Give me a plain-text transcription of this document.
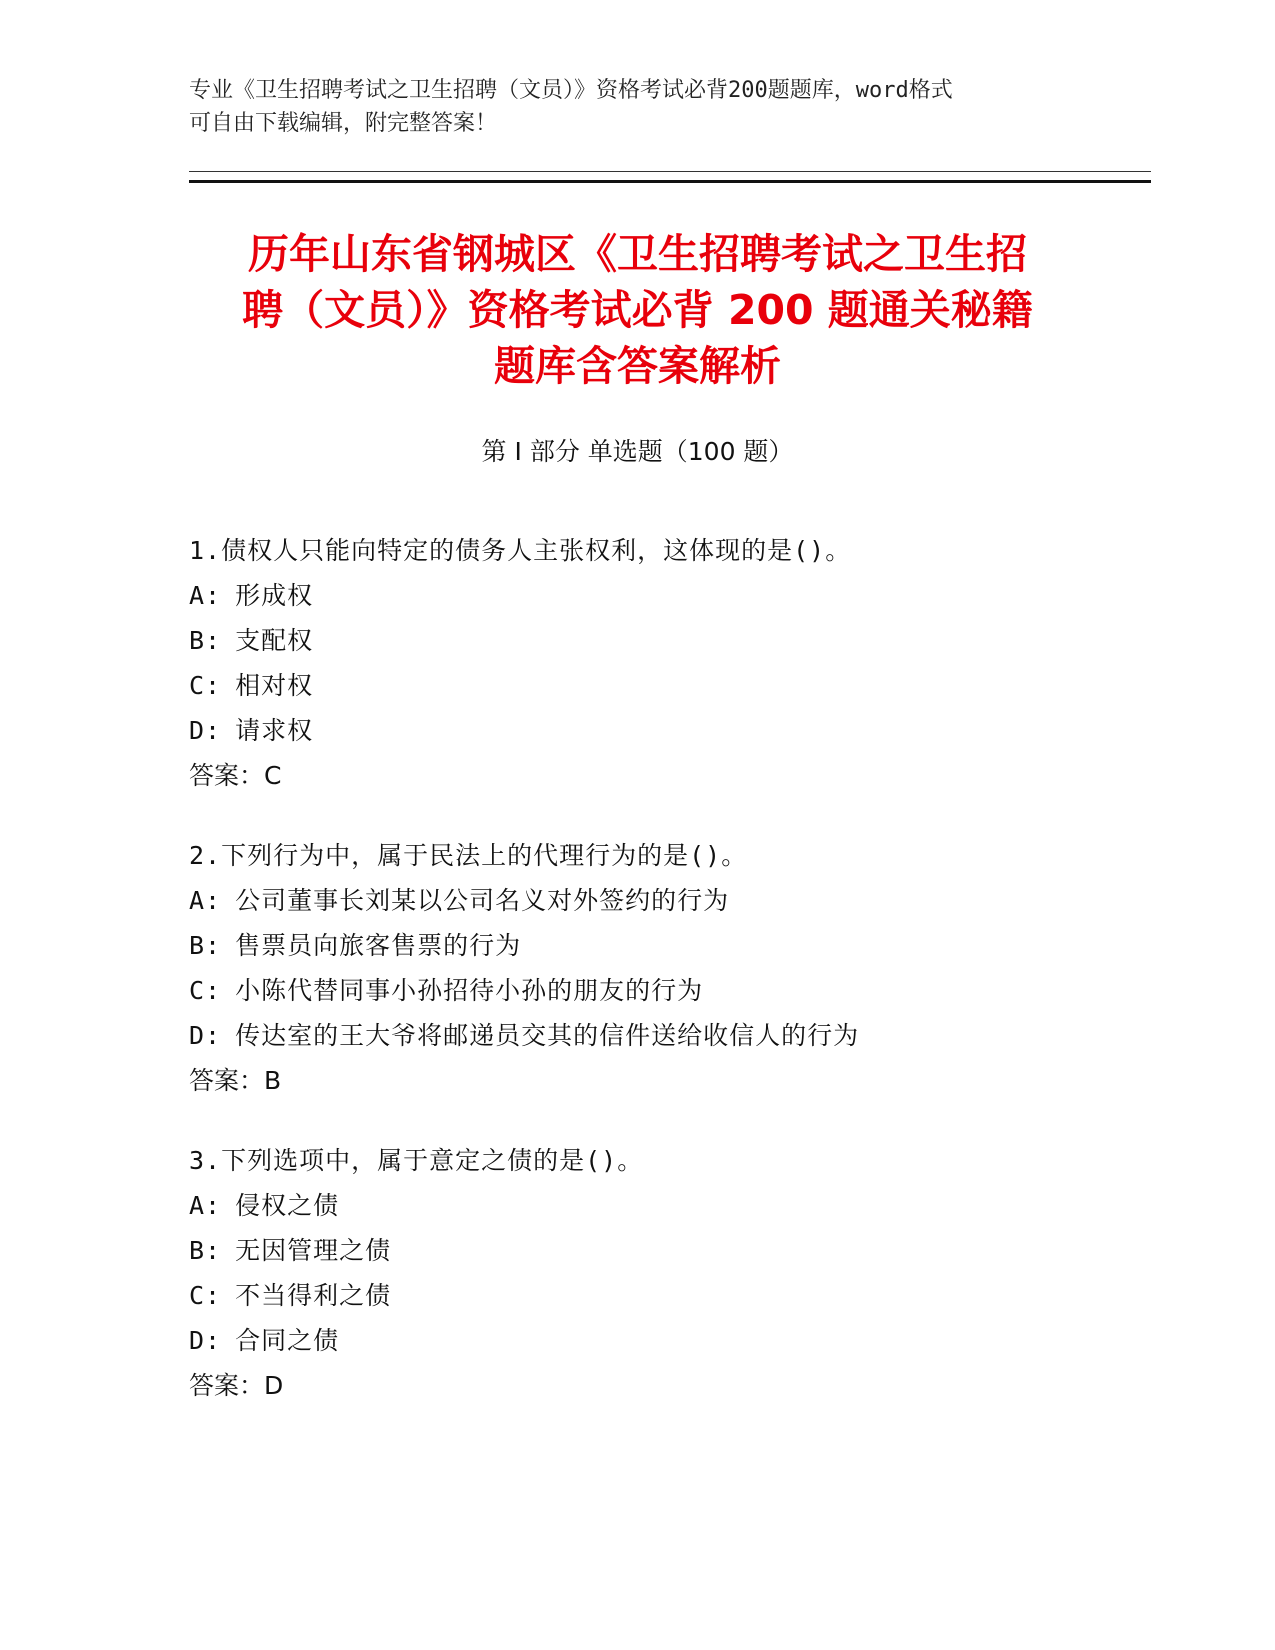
专业《卫生招聘考试之卫生招聘（文员）》资格考试必背200题题库，word格式
可自由下载编辑，附完整答案！
历年山东省钢城区《卫生招聘考试之卫生招
聘（文员）》资格考试必背 200 题通关秘籍
题库含答案解析
第 I 部分 单选题（100 题）
1.债权人只能向特定的债务人主张权利，这体现的是()。
A: 形成权
B: 支配权
C: 相对权
D: 请求权
答案：C
2.下列行为中，属于民法上的代理行为的是()。
A: 公司董事长刘某以公司名义对外签约的行为
B: 售票员向旅客售票的行为
C: 小陈代替同事小孙招待小孙的朋友的行为
D: 传达室的王大爷将邮递员交其的信件送给收信人的行为
答案：B
3.下列选项中，属于意定之债的是()。
A: 侵权之债
B: 无因管理之债
C: 不当得利之债
D: 合同之债
答案：D
